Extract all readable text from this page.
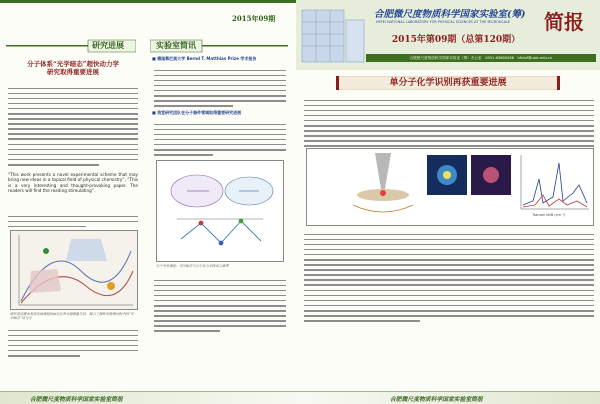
研究进展
分子体系“光学暗态”超快动力学
研究取得重要进展
“This work presents a novel experimental scheme that may bring new ideas in a topical field of physical chemistry”, “This is a very interesting and thought-provoking paper. The readers will find the reading stimulating”.
研究首次提出利用光场调控的原位红外光谱测量方法，揭示了超快光物理过程中的“光学暗态”动力学
2015年09期
实验室简讯
■ 德国慕尼黑大学 Bernd T. Matthias Prize 学术报告
■ 我室研究团队在分子器件领域取得重要研究进展
分子光电调控：光学暗态与分子动力学体系示意图
合肥微尺度物质科学国家实验室(筹)
HEFEI NATIONAL LABORATORY FOR PHYSICAL SCIENCES AT THE MICROSCALE 简报
2015年第09期（总第120期）
合肥微尺度物质科学国家实验室（筹）办公室　0551-63600458　hfnlof@ustc.edu.cn
单分子化学识别再获重要进展
Raman shift (cm⁻¹)
合肥微尺度物质科学国家实验室简报	合肥微尺度物质科学国家实验室简报
